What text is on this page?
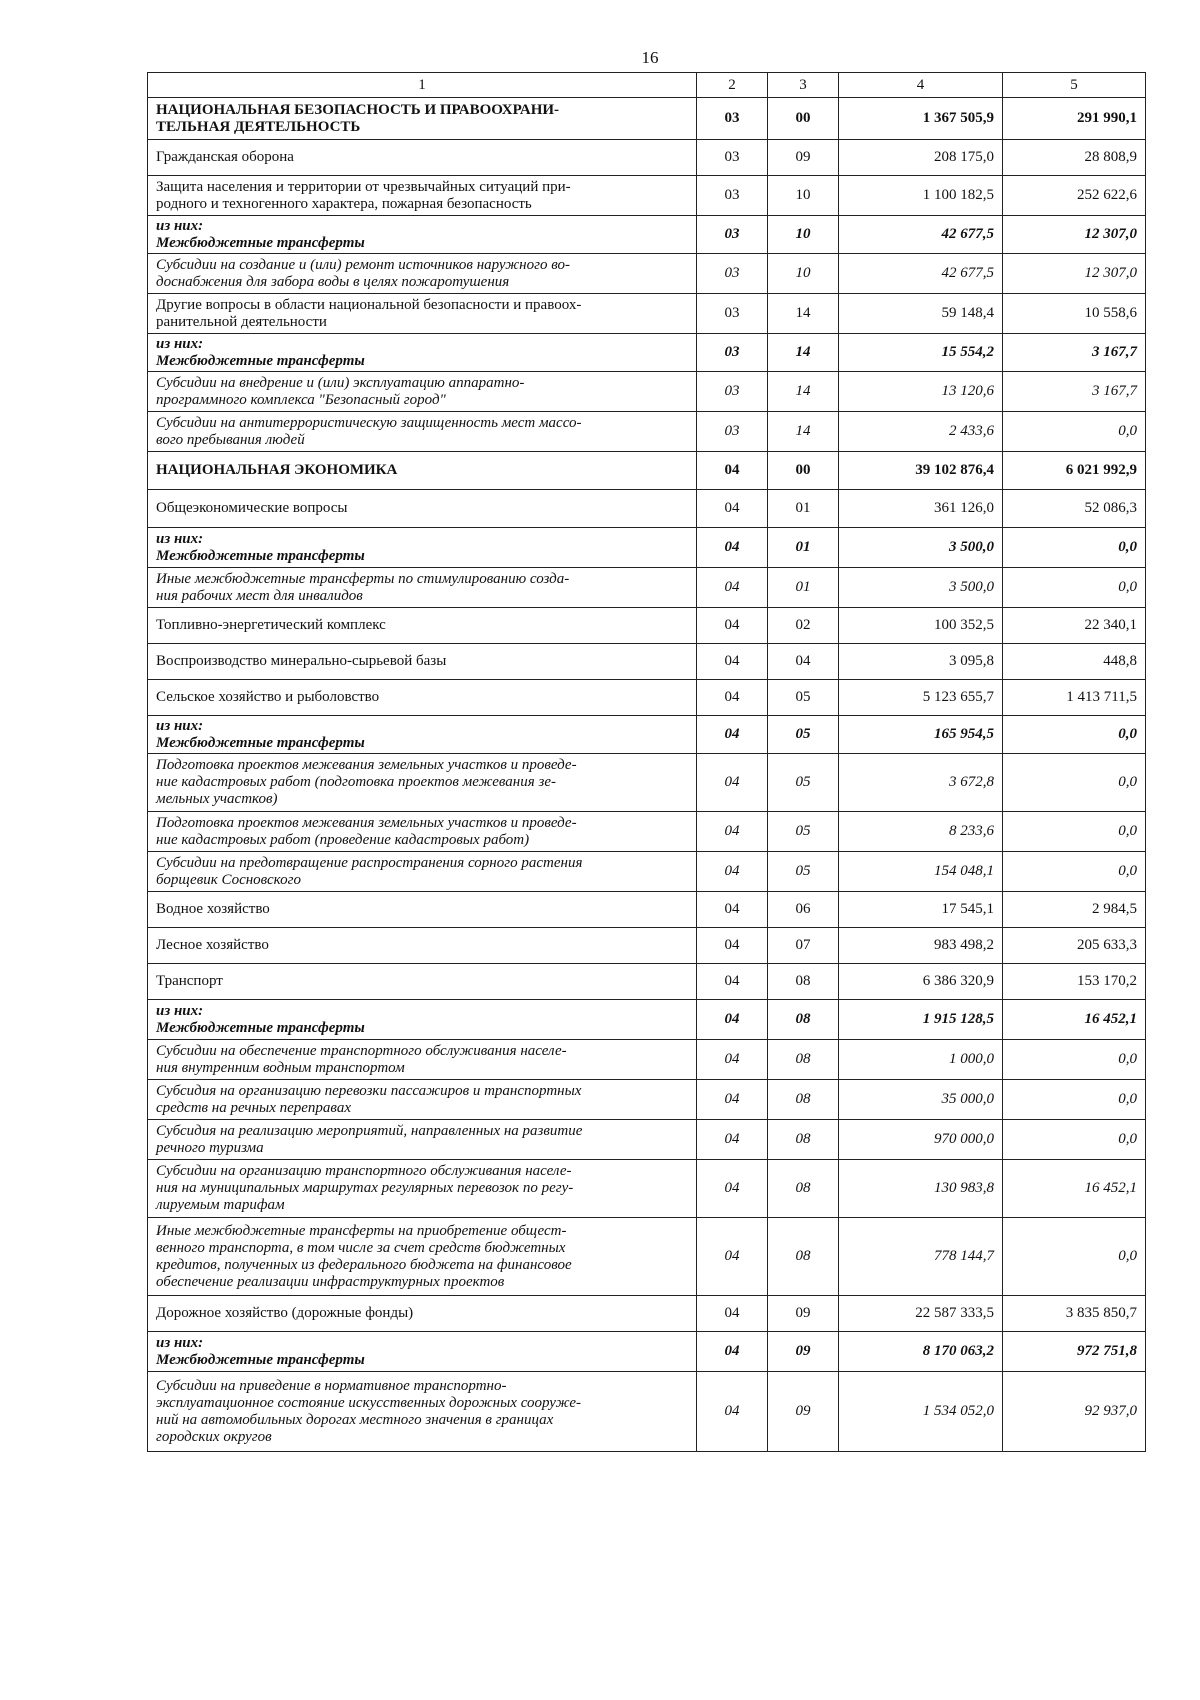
16
1	2	3	4	5

НАЦИОНАЛЬНАЯ БЕЗОПАСНОСТЬ И ПРАВООХРАНИ-
ТЕЛЬНАЯ ДЕЯТЕЛЬНОСТЬ	03	00	1 367 505,9	291 990,1

Гражданская оборона	03	09	208 175,0	28 808,9

Защита населения и территории от чрезвычайных ситуаций при-
родного и техногенного характера, пожарная безопасность	03	10	1 100 182,5	252 622,6

из них:
Межбюджетные трансферты	03	10	42 677,5	12 307,0

Субсидии на создание и (или) ремонт источников наружного во-
доснабжения для забора воды в целях пожаротушения	03	10	42 677,5	12 307,0

Другие вопросы в области национальной безопасности и правоох-
ранительной деятельности	03	14	59 148,4	10 558,6

из них:
Межбюджетные трансферты	03	14	15 554,2	3 167,7

Субсидии на внедрение и (или) эксплуатацию аппаратно-
программного комплекса "Безопасный город"	03	14	13 120,6	3 167,7

Субсидии на антитеррористическую защищенность мест массо-
вого пребывания людей	03	14	2 433,6	0,0

НАЦИОНАЛЬНАЯ ЭКОНОМИКА	04	00	39 102 876,4	6 021 992,9

Общеэкономические вопросы	04	01	361 126,0	52 086,3

из них:
Межбюджетные трансферты	04	01	3 500,0	0,0

Иные межбюджетные трансферты по стимулированию созда-
ния рабочих мест для инвалидов	04	01	3 500,0	0,0

Топливно-энергетический комплекс	04	02	100 352,5	22 340,1

Воспроизводство минерально-сырьевой базы	04	04	3 095,8	448,8

Сельское хозяйство и рыболовство	04	05	5 123 655,7	1 413 711,5

из них:
Межбюджетные трансферты	04	05	165 954,5	0,0

Подготовка проектов межевания земельных участков и проведе-
ние кадастровых работ (подготовка проектов межевания зе-
мельных участков)	04	05	3 672,8	0,0

Подготовка проектов межевания земельных участков и проведе-
ние кадастровых работ (проведение кадастровых работ)	04	05	8 233,6	0,0

Субсидии на предотвращение распространения сорного растения
борщевик Сосновского	04	05	154 048,1	0,0

Водное хозяйство	04	06	17 545,1	2 984,5

Лесное хозяйство	04	07	983 498,2	205 633,3

Транспорт	04	08	6 386 320,9	153 170,2

из них:
Межбюджетные трансферты	04	08	1 915 128,5	16 452,1

Субсидии на обеспечение транспортного обслуживания населе-
ния внутренним водным транспортом	04	08	1 000,0	0,0

Субсидия на организацию перевозки пассажиров и транспортных
средств на речных переправах	04	08	35 000,0	0,0

Субсидия на реализацию мероприятий, направленных на развитие
речного туризма	04	08	970 000,0	0,0

Субсидии на организацию транспортного обслуживания населе-
ния на муниципальных маршрутах регулярных перевозок по регу-
лируемым тарифам	04	08	130 983,8	16 452,1

Иные межбюджетные трансферты на приобретение общест-
венного транспорта, в том числе за счет средств бюджетных
кредитов, полученных из федерального бюджета на финансовое
обеспечение реализации инфраструктурных проектов	04	08	778 144,7	0,0

Дорожное хозяйство (дорожные фонды)	04	09	22 587 333,5	3 835 850,7

из них:
Межбюджетные трансферты	04	09	8 170 063,2	972 751,8

Субсидии на приведение в нормативное транспортно-
эксплуатационное состояние искусственных дорожных сооруже-
ний на автомобильных дорогах местного значения в границах
городских округов	04	09	1 534 052,0	92 937,0
